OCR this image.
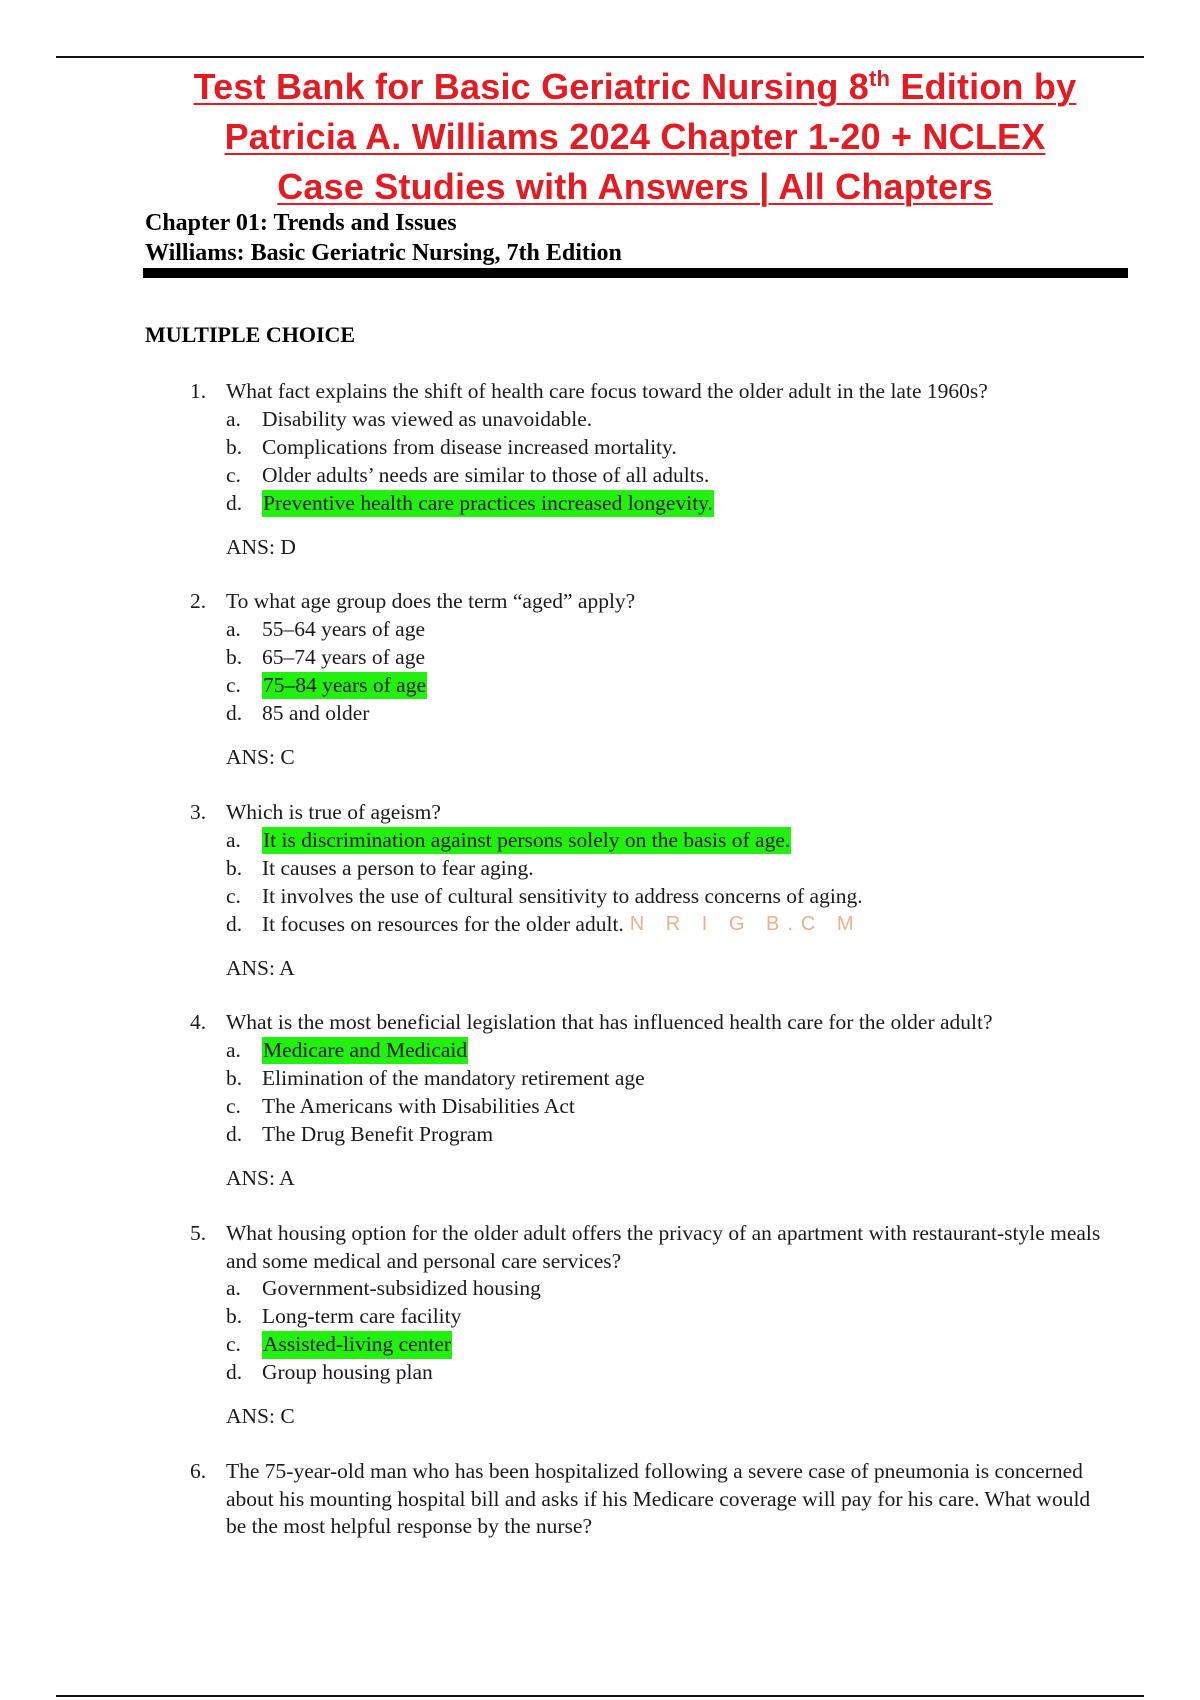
Test Bank for Basic Geriatric Nursing 8th Edition by
Patricia A. Williams 2024 Chapter 1-20 + NCLEX
Case Studies with Answers | All Chapters
Chapter 01: Trends and Issues
Williams: Basic Geriatric Nursing, 7th Edition
MULTIPLE CHOICE
1. What fact explains the shift of health care focus toward the older adult in the late 1960s?
a. Disability was viewed as unavoidable.
b. Complications from disease increased mortality.
c. Older adults’ needs are similar to those of all adults.
d. Preventive health care practices increased longevity.
ANS: D
2. To what age group does the term “aged” apply?
a. 55–64 years of age
b. 65–74 years of age
c.	75–84 years of age
d. 85 and older
ANS: C
3. Which is true of ageism?
a.	It is discrimination against persons solely on the basis of age.
b. It causes a person to fear aging.
c. It involves the use of cultural sensitivity to address concerns of aging.
d. It focuses on resources for the older adult. N R I G B.C M
ANS: A
4. What is the most beneficial legislation that has influenced health care for the older adult?
a.	Medicare and Medicaid
b. Elimination of the mandatory retirement age
c. The Americans with Disabilities Act
d. The Drug Benefit Program
ANS: A
5. What housing option for the older adult offers the privacy of an apartment with restaurant-style meals and some medical and personal care services?
a. Government-subsidized housing
b. Long-term care facility
c.	Assisted-living center
d. Group housing plan
ANS: C
6. The 75-year-old man who has been hospitalized following a severe case of pneumonia is concerned about his mounting hospital bill and asks if his Medicare coverage will pay for his care. What would be the most helpful response by the nurse?
